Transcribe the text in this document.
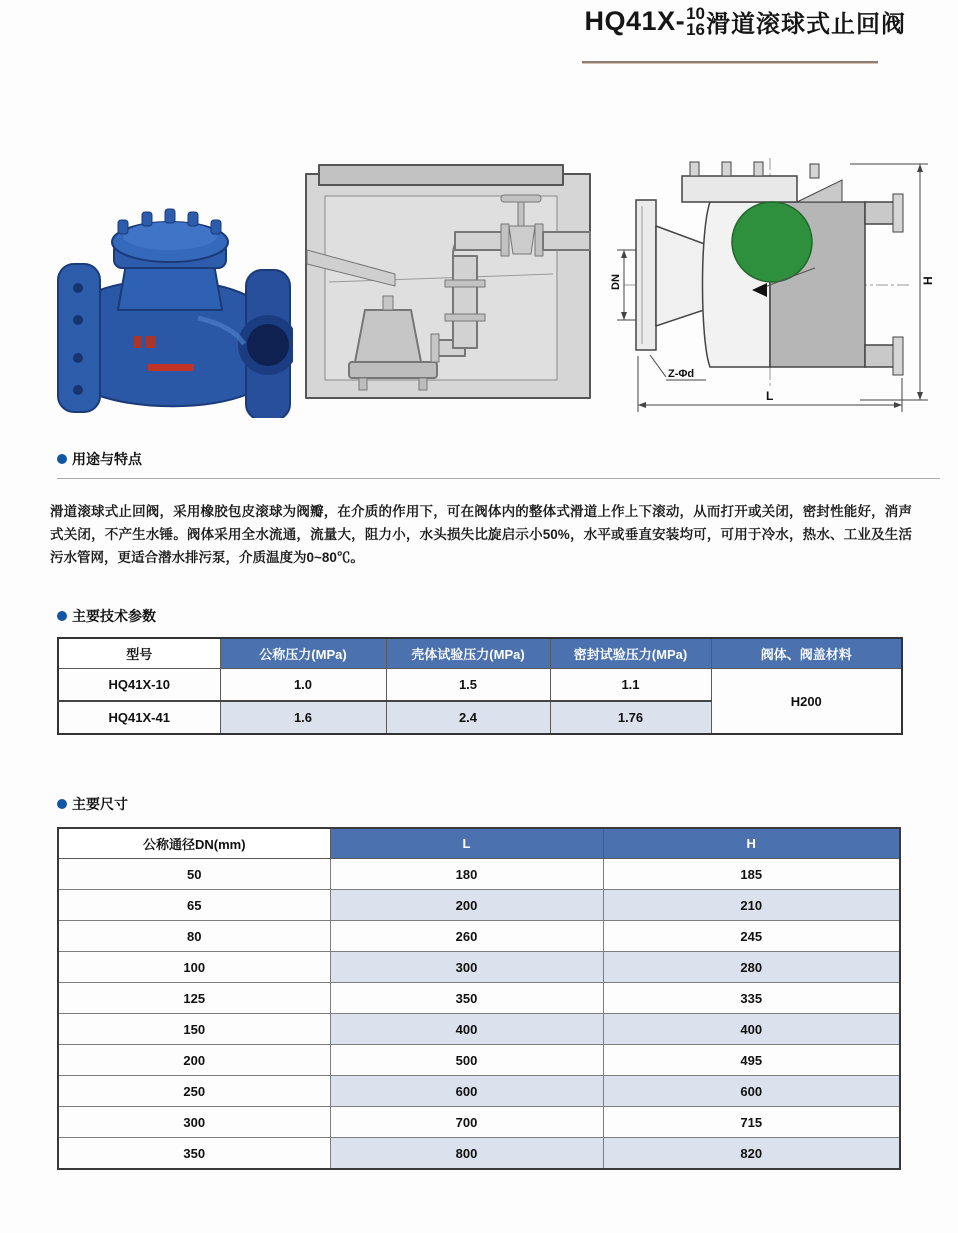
HQ41X- 10
16 滑道滚球式止回阀
DN	H
L
Z-Φd
用途与特点

滑道滚球式止回阀，采用橡胶包皮滚球为阀瓣，在介质的作用下，可在阀体内的整体式滑道上作上下滚动，从而打开或关闭，密封性能好，消声式关闭，不产生水锤。阀体采用全水流通，流量大，阻力小，水头损失比旋启示小50%，水平或垂直安装均可，可用于冷水，热水、工业及生活污水管网，更适合潜水排污泵，介质温度为0~80℃。

主要技术参数
型号	公称压力(MPa)	壳体试验压力(MPa)	密封试验压力(MPa)	阀体、阀盖材料
HQ41X-10	1.0	1.5	1.1	H200
HQ41X-41	1.6	2.4	1.76	
主要尺寸
公称通径DN(mm)	L	H
50	180	185
65	200	210
80	260	245
100	300	280
125	350	335
150	400	400
200	500	495
250	600	600
300	700	715
350	800	820
